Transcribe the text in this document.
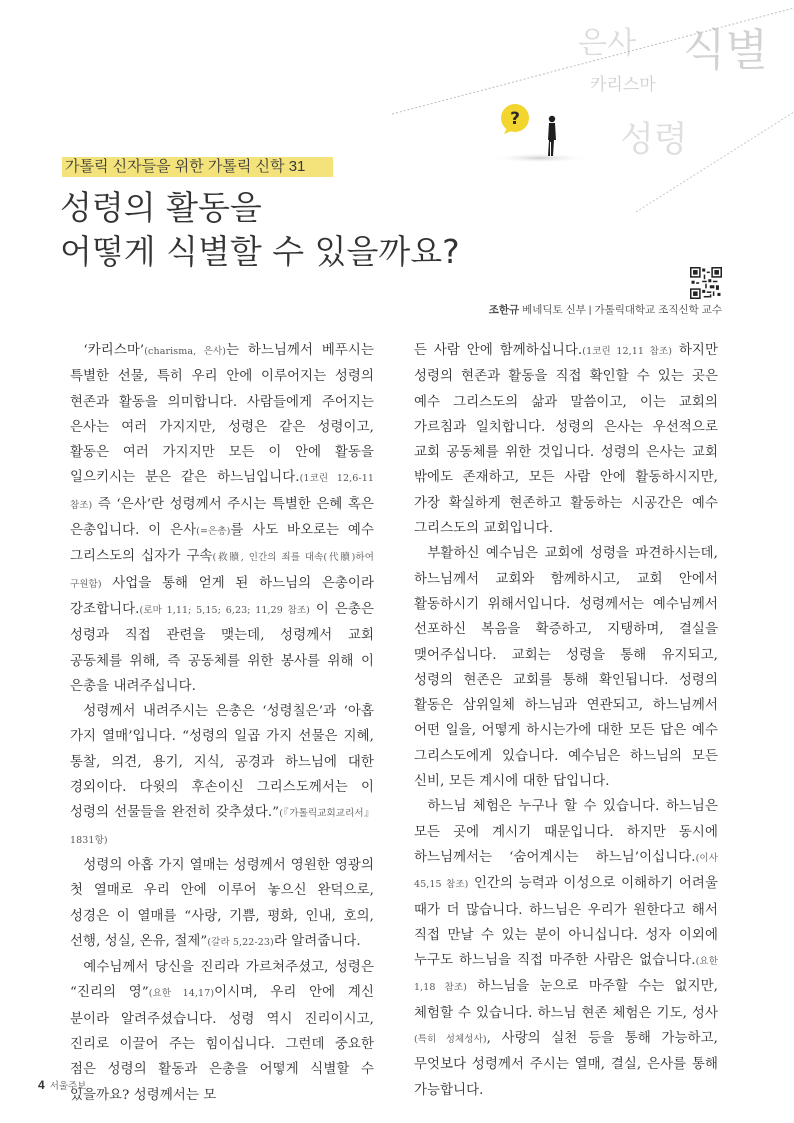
은사 식별
카리스마
성령
?
가톨릭 신자들을 위한 가톨릭 신학 31
성령의 활동을
어떻게 식별할 수 있을까요?
조한규 베네딕토 신부 | 가톨릭대학교 조직신학 교수

‘카리스마’(charisma, 은사)는 하느님께서 베푸시는 특별한 선물, 특히 우리 안에 이루어지는 성령의 현존과 활동을 의미합니다. 사람들에게 주어지는 은사는 여러 가지지만, 성령은 같은 성령이고, 활동은 여러 가지지만 모든 이 안에 활동을 일으키시는 분은 같은 하느님입니다.(1코린 12,6-11 참조) 즉 ‘은사’란 성령께서 주시는 특별한 은혜 혹은 은총입니다. 이 은사(=은총)를 사도 바오로는 예수 그리스도의 십자가 구속(救贖, 인간의 죄를 대속(代贖)하여 구원함) 사업을 통해 얻게 된 하느님의 은총이라 강조합니다.(로마 1,11; 5,15; 6,23; 11,29 참조) 이 은총은 성령과 직접 관련을 맺는데, 성령께서 교회 공동체를 위해, 즉 공동체를 위한 봉사를 위해 이 은총을 내려주십니다.

성령께서 내려주시는 은총은 ‘성령칠은’과 ‘아홉 가지 열매’입니다. “성령의 일곱 가지 선물은 지혜, 통찰, 의견, 용기, 지식, 공경과 하느님에 대한 경외이다. 다윗의 후손이신 그리스도께서는 이 성령의 선물들을 완전히 갖추셨다.”(『가톨릭교회교리서』 1831항)

성령의 아홉 가지 열매는 성령께서 영원한 영광의 첫 열매로 우리 안에 이루어 놓으신 완덕으로, 성경은 이 열매를 “사랑, 기쁨, 평화, 인내, 호의, 선행, 성실, 온유, 절제”(갈라 5,22-23)라 알려줍니다.

예수님께서 당신을 진리라 가르쳐주셨고, 성령은 “진리의 영”(요한 14,17)이시며, 우리 안에 계신 분이라 알려주셨습니다. 성령 역시 진리이시고, 진리로 이끌어 주는 힘이십니다. 그런데 중요한 점은 성령의 활동과 은총을 어떻게 식별할 수 있을까요? 성령께서는 모

든 사람 안에 함께하십니다.(1코린 12,11 참조) 하지만 성령의 현존과 활동을 직접 확인할 수 있는 곳은 예수 그리스도의 삶과 말씀이고, 이는 교회의 가르침과 일치합니다. 성령의 은사는 우선적으로 교회 공동체를 위한 것입니다. 성령의 은사는 교회 밖에도 존재하고, 모든 사람 안에 활동하시지만, 가장 확실하게 현존하고 활동하는 시공간은 예수 그리스도의 교회입니다.

부활하신 예수님은 교회에 성령을 파견하시는데, 하느님께서 교회와 함께하시고, 교회 안에서 활동하시기 위해서입니다. 성령께서는 예수님께서 선포하신 복음을 확증하고, 지탱하며, 결실을 맺어주십니다. 교회는 성령을 통해 유지되고, 성령의 현존은 교회를 통해 확인됩니다. 성령의 활동은 삼위일체 하느님과 연관되고, 하느님께서 어떤 일을, 어떻게 하시는가에 대한 모든 답은 예수 그리스도에게 있습니다. 예수님은 하느님의 모든 신비, 모든 계시에 대한 답입니다.

하느님 체험은 누구나 할 수 있습니다. 하느님은 모든 곳에 계시기 때문입니다. 하지만 동시에 하느님께서는 ‘숨어계시는 하느님’이십니다.(이사 45,15 참조) 인간의 능력과 이성으로 이해하기 어려울 때가 더 많습니다. 하느님은 우리가 원한다고 해서 직접 만날 수 있는 분이 아니십니다. 성자 이외에 누구도 하느님을 직접 마주한 사람은 없습니다.(요한 1,18 참조) 하느님을 눈으로 마주할 수는 없지만, 체험할 수 있습니다. 하느님 현존 체험은 기도, 성사(특히 성체성사), 사랑의 실천 등을 통해 가능하고, 무엇보다 성령께서 주시는 열매, 결실, 은사를 통해 가능합니다.

4 서울주보
